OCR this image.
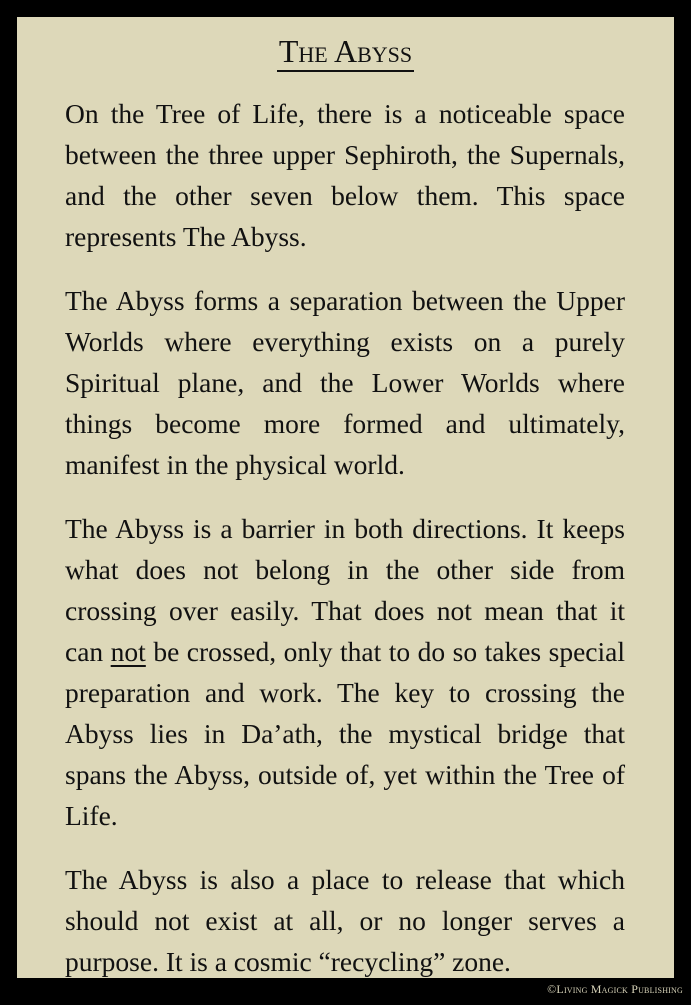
The Abyss

On the Tree of Life, there is a noticeable space between the three upper Sephiroth, the Supernals, and the other seven below them. This space represents The Abyss.

The Abyss forms a separation between the Upper Worlds where everything exists on a purely Spiritual plane, and the Lower Worlds where things become more formed and ultimately, manifest in the physical world.

The Abyss is a barrier in both directions. It keeps what does not belong in the other side from crossing over easily. That does not mean that it can not be crossed, only that to do so takes special preparation and work. The key to crossing the Abyss lies in Da’ath, the mystical bridge that spans the Abyss, outside of, yet within the Tree of Life.

The Abyss is also a place to release that which should not exist at all, or no longer serves a purpose. It is a cosmic “recycling” zone.

©Living Magick Publishing
